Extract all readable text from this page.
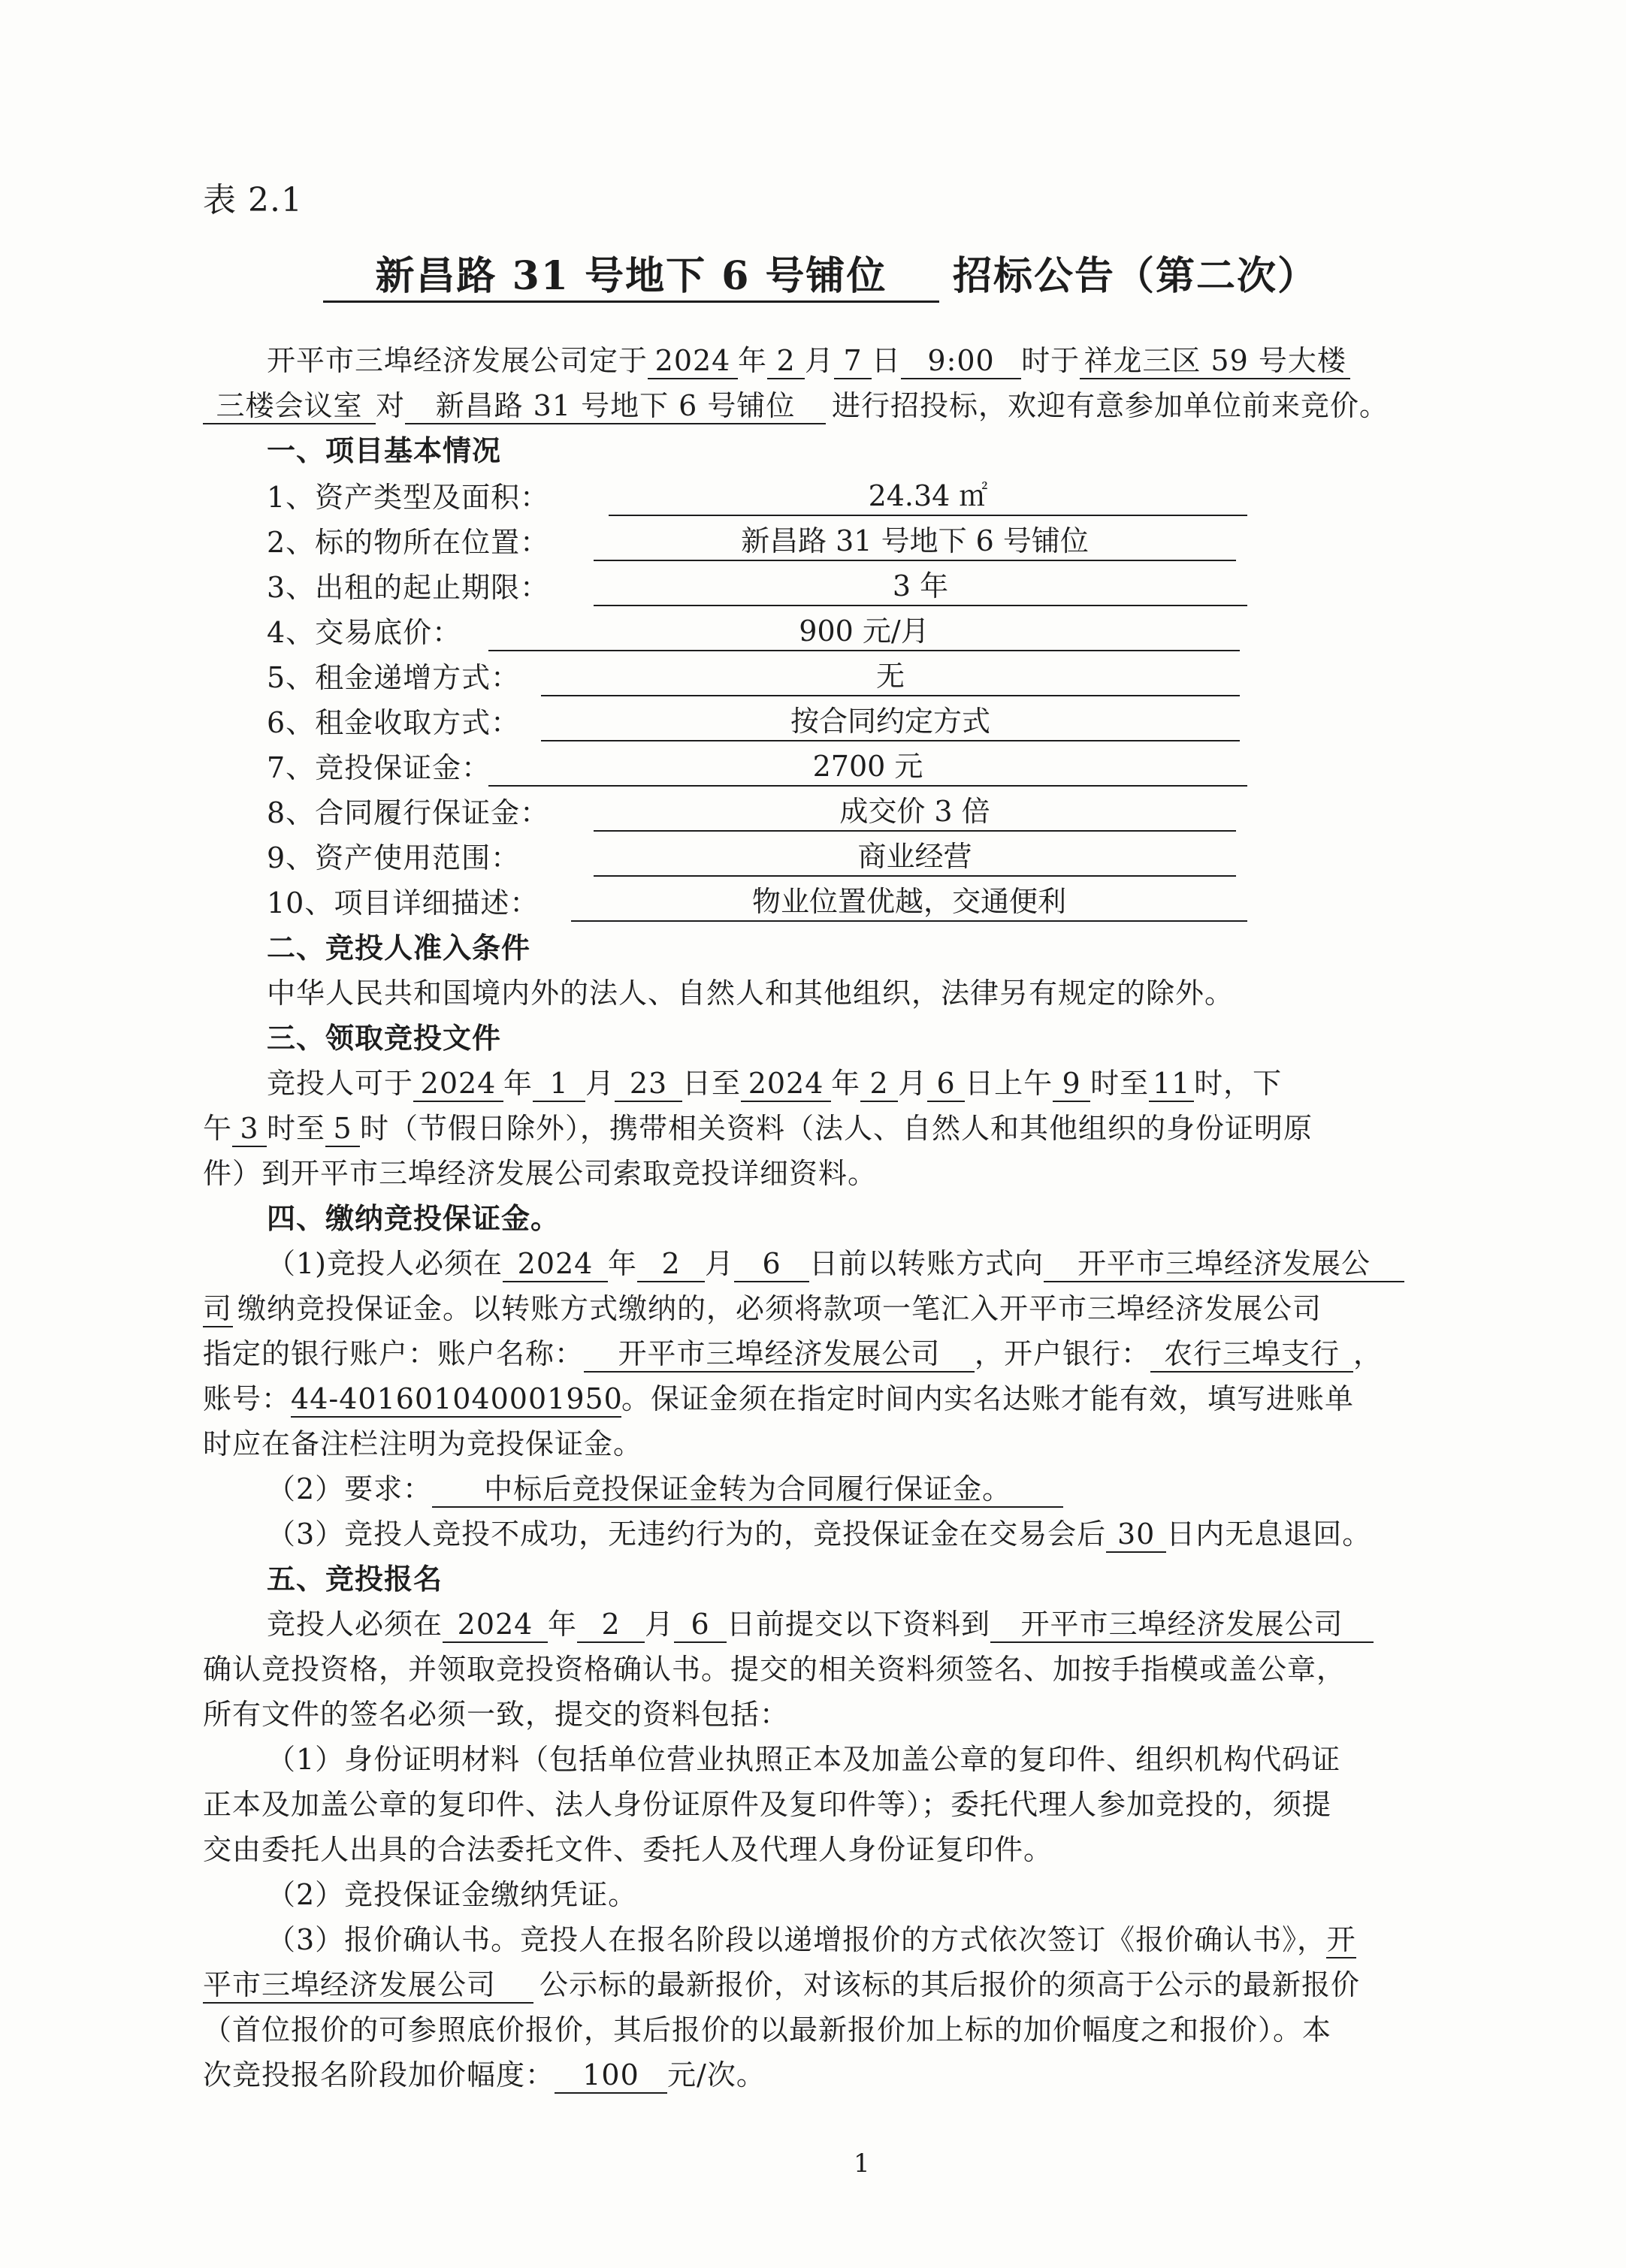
表 2.1
新昌路 31 号地下 6 号铺位 招标公告（第二次）
开平市三埠经济发展公司定于 2024 年 2 月 7 日 9:00 时于 祥龙三区 59 号大楼
三楼会议室 对 新昌路 31 号地下 6 号铺位 进行招投标，欢迎有意参加单位前来竞价。
一、项目基本情况
1、资产类型及面积：	24.34 ㎡
2、标的物所在位置：	新昌路 31 号地下 6 号铺位
3、出租的起止期限：	3 年
4、交易底价：	900 元/月
5、租金递增方式：	无
6、租金收取方式：	按合同约定方式
7、竞投保证金：	2700 元
8、合同履行保证金：	成交价 3 倍
9、资产使用范围：	商业经营
10、项目详细描述：	物业位置优越，交通便利
二、竞投人准入条件
中华人民共和国境内外的法人、自然人和其他组织，法律另有规定的除外。
三、领取竞投文件
竞投人可于 2024 年 1 月 23 日至 2024 年 2 月 6 日上午 9 时至 11 时，下
午 3 时至 5 时（节假日除外），携带相关资料（法人、自然人和其他组织的身份证明原
件）到开平市三埠经济发展公司索取竞投详细资料。
四、缴纳竞投保证金。
（1)竞投人必须在 2024 年 2 月 6 日前以转账方式向 开平市三埠经济发展公
司 缴纳竞投保证金。以转账方式缴纳的，必须将款项一笔汇入开平市三埠经济发展公司
指定的银行账户：账户名称： 开平市三埠经济发展公司 ，开户银行： 农行三埠支行 ，
账号：44-401601040001950。保证金须在指定时间内实名达账才能有效，填写进账单
时应在备注栏注明为竞投保证金。
（2）要求： 中标后竞投保证金转为合同履行保证金。
（3）竞投人竞投不成功，无违约行为的，竞投保证金在交易会后 30 日内无息退回。
五、竞投报名
竞投人必须在 2024 年 2 月 6 日前提交以下资料到 开平市三埠经济发展公司
确认竞投资格，并领取竞投资格确认书。提交的相关资料须签名、加按手指模或盖公章，
所有文件的签名必须一致，提交的资料包括：
（1）身份证明材料（包括单位营业执照正本及加盖公章的复印件、组织机构代码证
正本及加盖公章的复印件、法人身份证原件及复印件等）；委托代理人参加竞投的，须提
交由委托人出具的合法委托文件、委托人及代理人身份证复印件。
（2）竞投保证金缴纳凭证。
（3）报价确认书。竞投人在报名阶段以递增报价的方式依次签订《报价确认书》，开
平市三埠经济发展公司 公示标的最新报价，对该标的其后报价的须高于公示的最新报价
（首位报价的可参照底价报价，其后报价的以最新报价加上标的加价幅度之和报价）。本
次竞投报名阶段加价幅度： 100 元/次。
1
